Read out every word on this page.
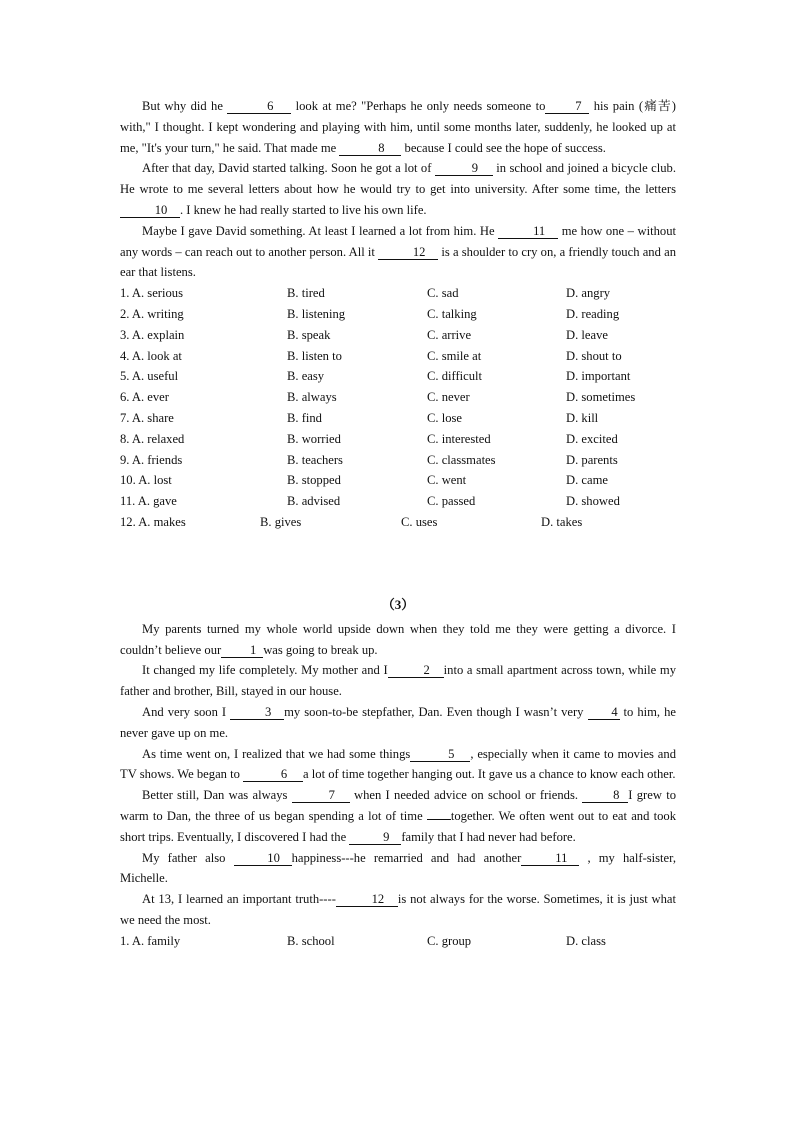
But why did he	6 look at me? "Perhaps he only needs someone to 7 his pain (痛苦) with," I thought. I kept wondering and playing with him, until some months later, suddenly, he looked up at me, "It's your turn," he said. That made me	8 because I could see the hope of success.

After that day, David started talking. Soon he got a lot of	9 in school and joined a bicycle club. He wrote to me several letters about how he would try to get into university. After some time, the letters 10 . I knew he had really started to live his own life.

Maybe I gave David something. At least I learned a lot from him. He	11 me how one – without any words – can reach out to another person. All it	12 is a shoulder to cry on, a friendly touch and an ear that listens.

1. A. serious	B. tired	C. sad	D. angry
2. A. writing	B. listening	C. talking	D. reading
3. A. explain	B. speak	C. arrive	D. leave
4. A. look at	B. listen to	C. smile at	D. shout to
5. A. useful	B. easy	C. difficult	D. important
6. A. ever	B. always	C. never	D. sometimes
7. A. share	B. find	C. lose	D. kill
8. A. relaxed	B. worried	C. interested	D. excited
9. A. friends	B. teachers	C. classmates	D. parents
10. A. lost	B. stopped	C. went	D. came
11. A. gave	B. advised	C. passed	D. showed
12. A. makes	B. gives	C. uses	D. takes
（3）

My parents turned my whole world upside down when they told me they were getting a divorce. I couldn’t believe our 1 was going to break up.

It changed my life completely. My mother and I	2 into a small apartment across town, while my father and brother, Bill, stayed in our house.

And very soon I	3 my soon-to-be stepfather, Dan. Even though I wasn’t very 4 to him, he never gave up on me.

As time went on, I realized that we had some things	5 , especially when it came to movies and TV shows. We began to	6 a lot of time together hanging out. It gave us a chance to know each other.

Better still, Dan was always	7 when I needed advice on school or friends. 8 I grew to warm to Dan, the three of us began spending a lot of time together. We often went out to eat and took short trips. Eventually, I discovered I had the	9 family that I had never had before.

My father also	10 happiness---he remarried and had another	11 , my half-sister, Michelle.

At 13, I learned an important truth----	12 is not always for the worse. Sometimes, it is just what we need the most.

1. A. family	B. school	C. group	D. class
